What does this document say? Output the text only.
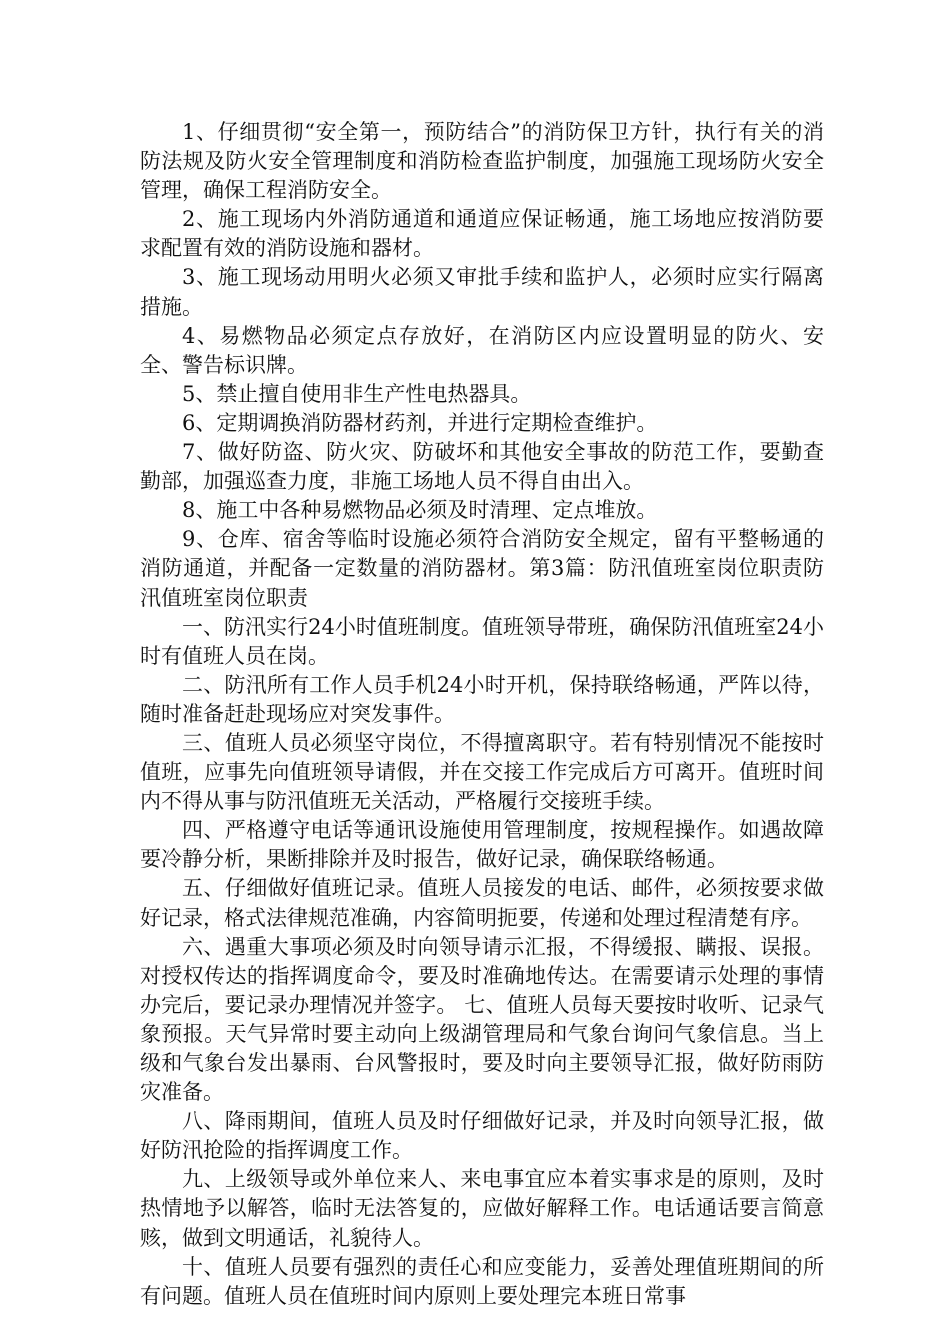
1、仔细贯彻“安全第一，预防结合”的消防保卫方针，执行有关的消防法规及防火安全管理制度和消防检查监护制度，加强施工现场防火安全管理，确保工程消防安全。

2、施工现场内外消防通道和通道应保证畅通，施工场地应按消防要求配置有效的消防设施和器材。

3、施工现场动用明火必须又审批手续和监护人，必须时应实行隔离措施。

4、易燃物品必须定点存放好，在消防区内应设置明显的防火、安全、警告标识牌。

5、禁止擅自使用非生产性电热器具。

6、定期调换消防器材药剂，并进行定期检查维护。

7、做好防盗、防火灾、防破坏和其他安全事故的防范工作，要勤查勤部，加强巡查力度，非施工场地人员不得自由出入。

8、施工中各种易燃物品必须及时清理、定点堆放。

9、仓库、宿舍等临时设施必须符合消防安全规定，留有平整畅通的消防通道，并配备一定数量的消防器材。第3篇：防汛值班室岗位职责防汛值班室岗位职责

一、防汛实行24小时值班制度。值班领导带班，确保防汛值班室24小时有值班人员在岗。

二、防汛所有工作人员手机24小时开机，保持联络畅通，严阵以待，随时准备赶赴现场应对突发事件。

三、值班人员必须坚守岗位，不得擅离职守。若有特别情况不能按时值班，应事先向值班领导请假，并在交接工作完成后方可离开。值班时间内不得从事与防汛值班无关活动，严格履行交接班手续。

四、严格遵守电话等通讯设施使用管理制度，按规程操作。如遇故障要冷静分析，果断排除并及时报告，做好记录，确保联络畅通。

五、仔细做好值班记录。值班人员接发的电话、邮件，必须按要求做好记录，格式法律规范准确，内容简明扼要，传递和处理过程清楚有序。

六、遇重大事项必须及时向领导请示汇报，不得缓报、瞒报、误报。对授权传达的指挥调度命令，要及时准确地传达。在需要请示处理的事情办完后，要记录办理情况并签字。 七、值班人员每天要按时收听、记录气象预报。天气异常时要主动向上级湖管理局和气象台询问气象信息。当上级和气象台发出暴雨、台风警报时，要及时向主要领导汇报，做好防雨防灾准备。

八、降雨期间，值班人员及时仔细做好记录，并及时向领导汇报，做好防汛抢险的指挥调度工作。

九、上级领导或外单位来人、来电事宜应本着实事求是的原则，及时热情地予以解答，临时无法答复的，应做好解释工作。电话通话要言简意赅，做到文明通话，礼貌待人。

十、值班人员要有强烈的责任心和应变能力，妥善处理值班期间的所有问题。值班人员在值班时间内原则上要处理完本班日常事
